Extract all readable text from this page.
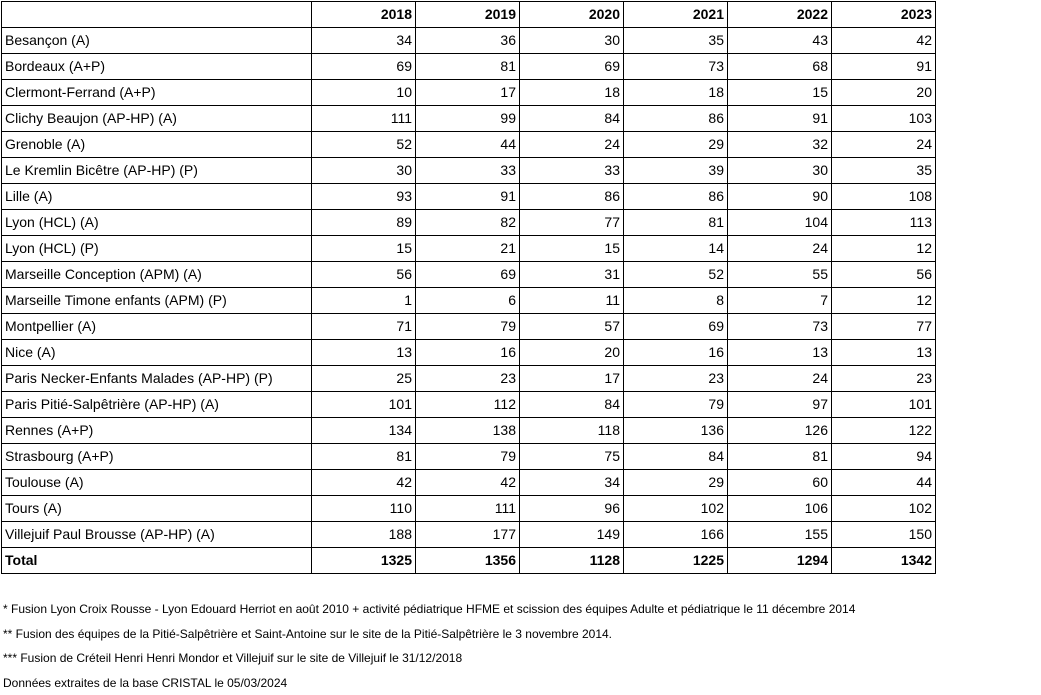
	2018	2019	2020	2021	2022	2023
Besançon (A)	34	36	30	35	43	42
Bordeaux (A+P)	69	81	69	73	68	91
Clermont-Ferrand (A+P)	10	17	18	18	15	20
Clichy Beaujon (AP-HP) (A)	111	99	84	86	91	103
Grenoble (A)	52	44	24	29	32	24
Le Kremlin Bicêtre (AP-HP) (P)	30	33	33	39	30	35
Lille (A)	93	91	86	86	90	108
Lyon (HCL) (A)	89	82	77	81	104	113
Lyon (HCL) (P)	15	21	15	14	24	12
Marseille Conception (APM) (A)	56	69	31	52	55	56
Marseille Timone enfants (APM) (P)	1	6	11	8	7	12
Montpellier (A)	71	79	57	69	73	77
Nice (A)	13	16	20	16	13	13
Paris Necker-Enfants Malades (AP-HP) (P)	25	23	17	23	24	23
Paris Pitié-Salpêtrière (AP-HP) (A)	101	112	84	79	97	101
Rennes (A+P)	134	138	118	136	126	122
Strasbourg (A+P)	81	79	75	84	81	94
Toulouse (A)	42	42	34	29	60	44
Tours (A)	110	111	96	102	106	102
Villejuif Paul Brousse (AP-HP) (A)	188	177	149	166	155	150
Total	1325	1356	1128	1225	1294	1342
* Fusion Lyon Croix Rousse - Lyon Edouard Herriot en août 2010 + activité pédiatrique HFME et scission des équipes Adulte et pédiatrique le 11 décembre 2014
** Fusion des équipes de la Pitié-Salpêtrière et Saint-Antoine sur le site de la Pitié-Salpêtrière le 3 novembre 2014.
*** Fusion de Créteil Henri Henri Mondor et Villejuif sur le site de Villejuif le 31/12/2018
Données extraites de la base CRISTAL le 05/03/2024
